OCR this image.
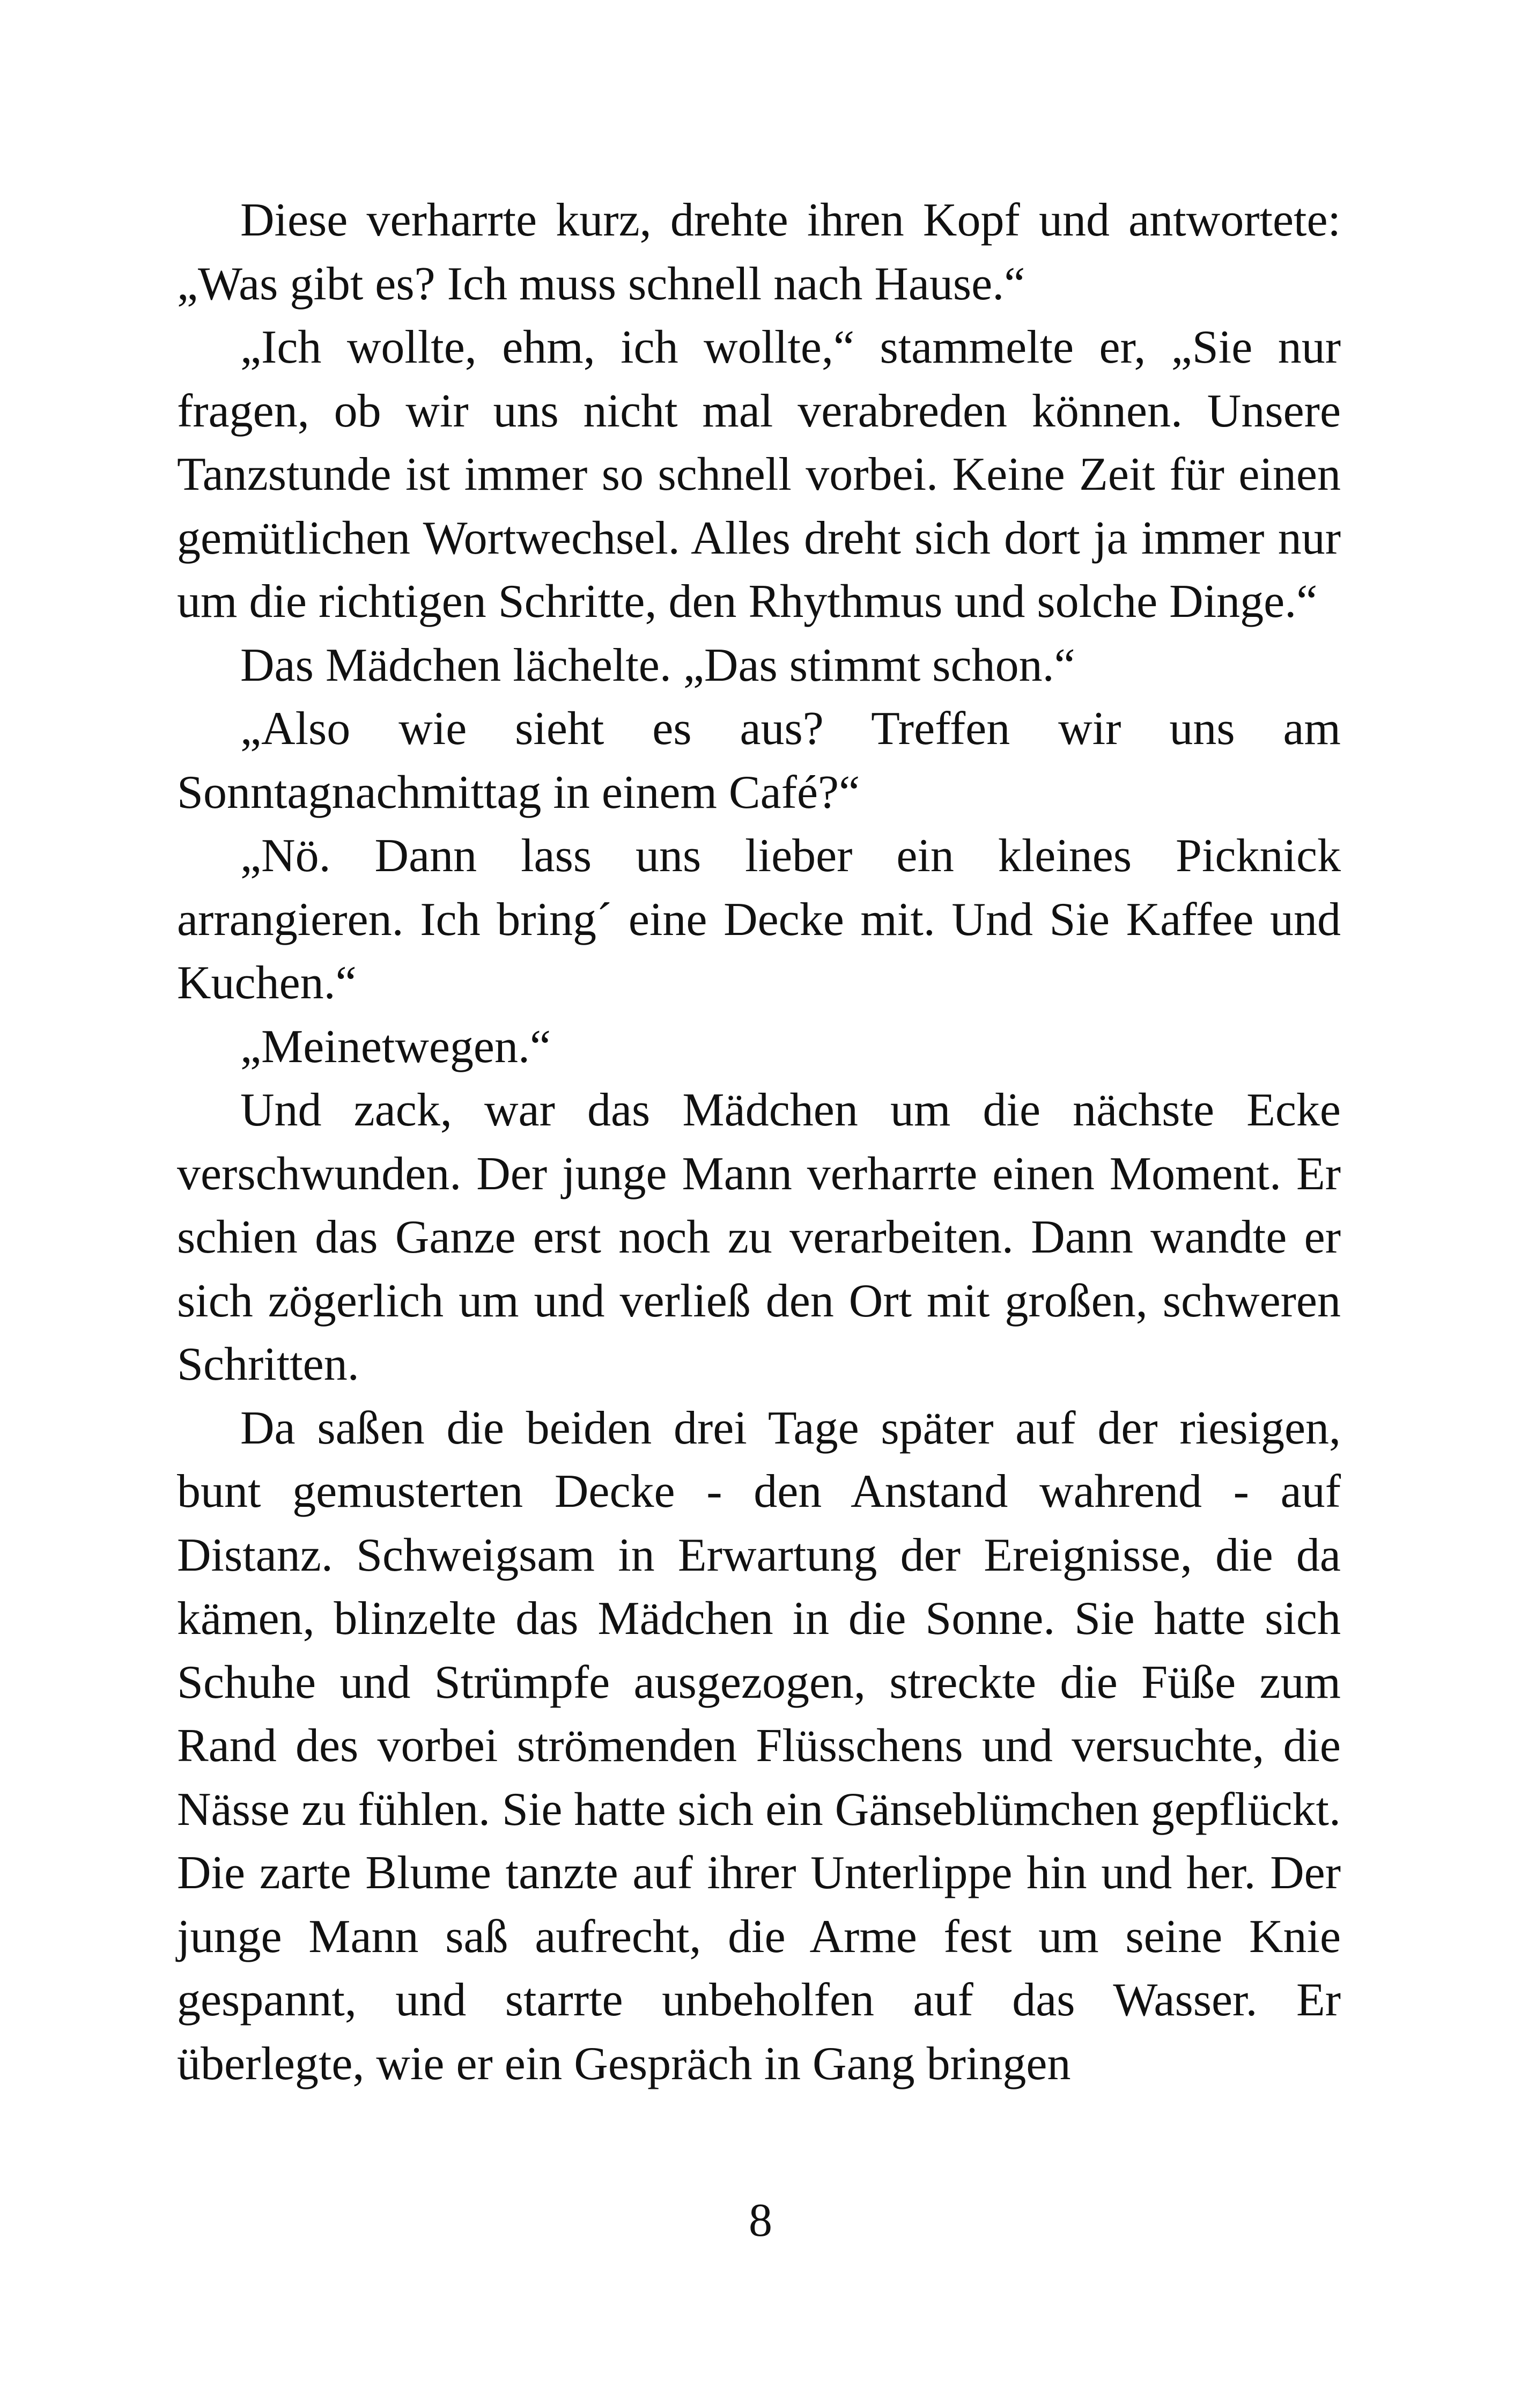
Diese verharrte kurz, drehte ihren Kopf und antwortete: „Was gibt es? Ich muss schnell nach Hause.“

„Ich wollte, ehm, ich wollte,“ stammelte er, „Sie nur fragen, ob wir uns nicht mal verabreden können. Unsere Tanzstunde ist immer so schnell vorbei. Keine Zeit für einen gemütlichen Wortwechsel. Alles dreht sich dort ja immer nur um die richtigen Schritte, den Rhythmus und solche Dinge.“

Das Mädchen lächelte. „Das stimmt schon.“

„Also wie sieht es aus? Treffen wir uns am Sonntagnachmittag in einem Café?“

„Nö. Dann lass uns lieber ein kleines Picknick arrangieren. Ich bring´ eine Decke mit. Und Sie Kaffee und Kuchen.“

„Meinetwegen.“

Und zack, war das Mädchen um die nächste Ecke verschwunden. Der junge Mann verharrte einen Moment. Er schien das Ganze erst noch zu verarbeiten. Dann wandte er sich zögerlich um und verließ den Ort mit großen, schweren Schritten.

Da saßen die beiden drei Tage später auf der riesigen, bunt gemusterten Decke - den Anstand wahrend - auf Distanz. Schweigsam in Erwartung der Ereignisse, die da kämen, blinzelte das Mädchen in die Sonne. Sie hatte sich Schuhe und Strümpfe ausgezogen, streckte die Füße zum Rand des vorbei strömenden Flüsschens und versuchte, die Nässe zu fühlen. Sie hatte sich ein Gänseblümchen gepflückt. Die zarte Blume tanzte auf ihrer Unterlippe hin und her. Der junge Mann saß aufrecht, die Arme fest um seine Knie gespannt, und starrte unbeholfen auf das Wasser. Er überlegte, wie er ein Gespräch in Gang bringen

8
